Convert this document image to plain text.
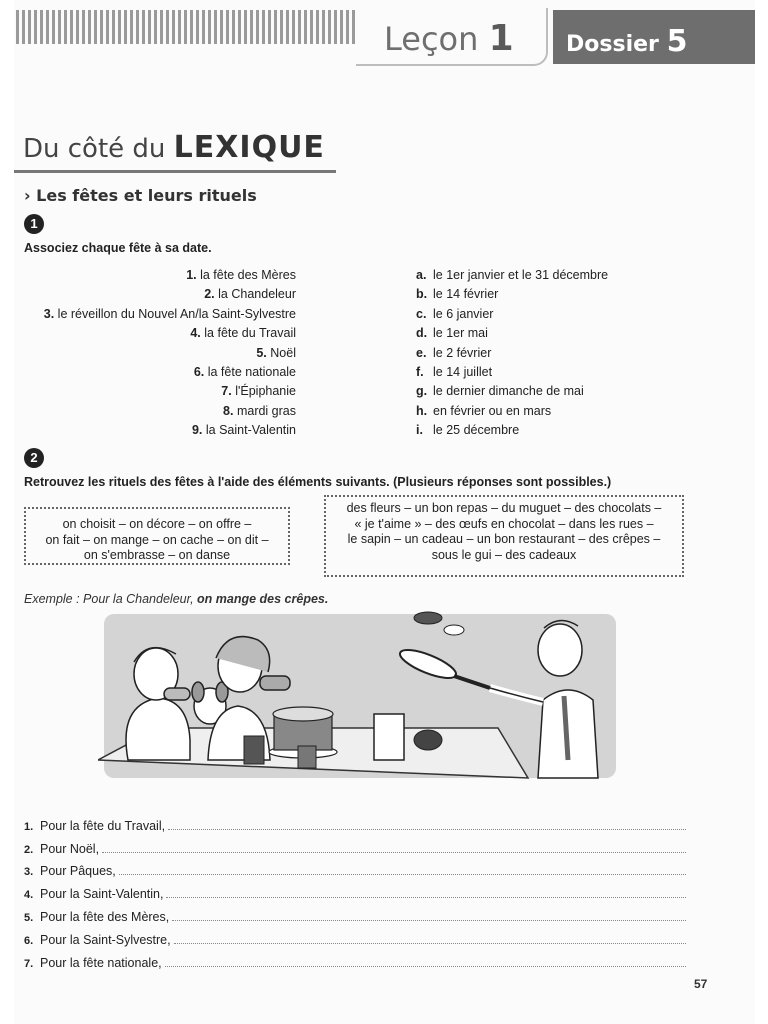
Leçon 1 Dossier 5
Du côté du LEXIQUE
› Les fêtes et leurs rituels
1
Associez chaque fête à sa date.
1. la fête des Mères
2. la Chandeleur
3. le réveillon du Nouvel An/la Saint-Sylvestre
4. la fête du Travail
5. Noël
6. la fête nationale
7. l'Épiphanie
8. mardi gras
9. la Saint-Valentin
a. le 1er janvier et le 31 décembre
b. le 14 février
c. le 6 janvier
d. le 1er mai
e. le 2 février
f. le 14 juillet
g. le dernier dimanche de mai
h. en février ou en mars
i. le 25 décembre
2
Retrouvez les rituels des fêtes à l'aide des éléments suivants. (Plusieurs réponses sont possibles.)
on choisit – on décore – on offre –
on fait – on mange – on cache – on dit –
on s'embrasse – on danse
des fleurs – un bon repas – du muguet – des chocolats –
« je t'aime » – des œufs en chocolat – dans les rues –
le sapin – un cadeau – un bon restaurant – des crêpes –
sous le gui – des cadeaux
Exemple : Pour la Chandeleur, on mange des crêpes.
1. Pour la fête du Travail,
2. Pour Noël,
3. Pour Pâques,
4. Pour la Saint-Valentin,
5. Pour la fête des Mères,
6. Pour la Saint-Sylvestre,
7. Pour la fête nationale,
57
